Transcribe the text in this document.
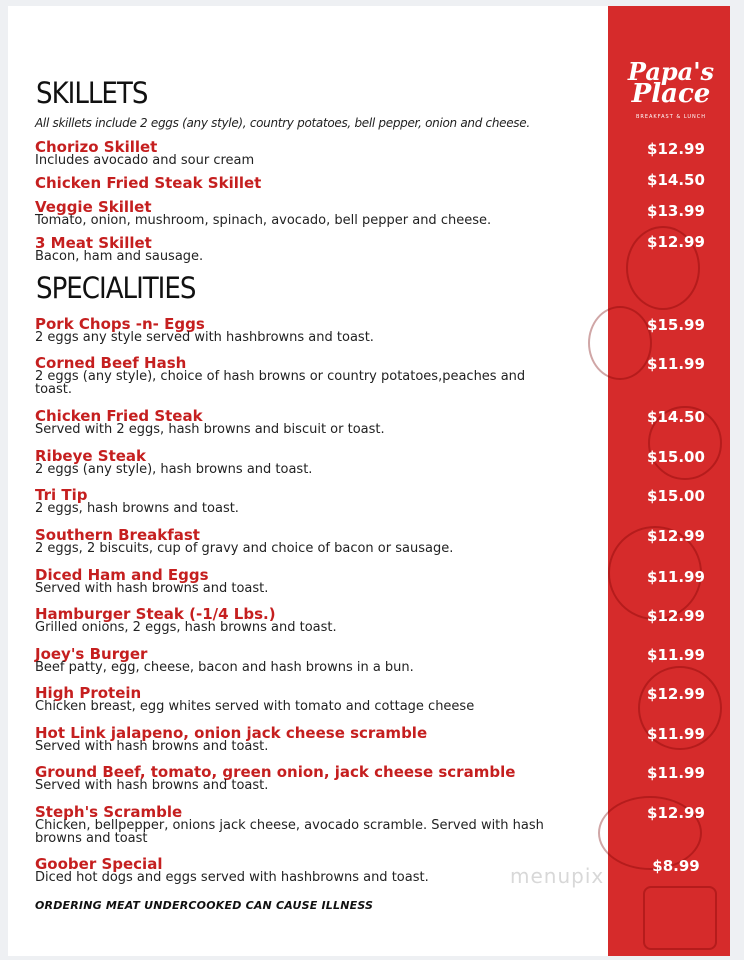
Papa's
Place
BREAKFAST & LUNCH
SKILLETS
All skillets include 2 eggs (any style), country potatoes, bell pepper, onion and cheese.
Chorizo Skillet
Includes avocado and sour cream
$12.99
Chicken Fried Steak Skillet	$14.50
Veggie Skillet
Tomato, onion, mushroom, spinach, avocado, bell pepper and cheese.
$13.99
3 Meat Skillet
Bacon, ham and sausage.
$12.99
SPECIALITIES
Pork Chops -n- Eggs
2 eggs any style served with hashbrowns and toast.
$15.99
Corned Beef Hash
2 eggs (any style), choice of hash browns or country potatoes,peaches and toast.
$11.99
Chicken Fried Steak
Served with 2 eggs, hash browns and biscuit or toast.
$14.50
Ribeye Steak
2 eggs (any style), hash browns and toast.
$15.00
Tri Tip
2 eggs, hash browns and toast.
$15.00
Southern Breakfast
2 eggs, 2 biscuits, cup of gravy and choice of bacon or sausage.
$12.99
Diced Ham and Eggs
Served with hash browns and toast.
$11.99
Hamburger Steak (-1/4 Lbs.)
Grilled onions, 2 eggs, hash browns and toast.
$12.99
Joey's Burger
Beef patty, egg, cheese, bacon and hash browns in a bun.
$11.99
High Protein
Chicken breast, egg whites served with tomato and cottage cheese
$12.99
Hot Link jalapeno, onion jack cheese scramble
Served with hash browns and toast.
$11.99
Ground Beef, tomato, green onion, jack cheese scramble
Served with hash browns and toast.
$11.99
Steph's Scramble
Chicken, bellpepper, onions jack cheese, avocado scramble. Served with hash browns and toast
$12.99
Goober Special
Diced hot dogs and eggs served with hashbrowns and toast.
$8.99
menupix
ORDERING MEAT UNDERCOOKED CAN CAUSE ILLNESS
